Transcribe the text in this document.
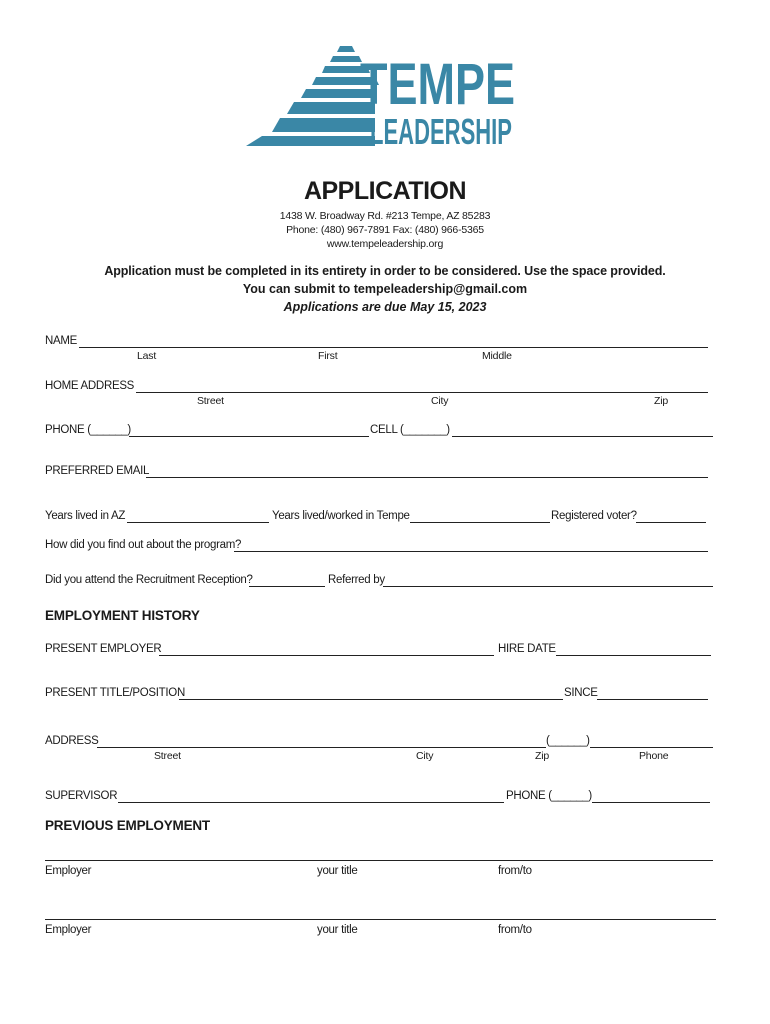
TEMPE
LEADERSHIP
APPLICATION
1438 W. Broadway Rd. #213 Tempe, AZ 85283
Phone: (480) 967-7891 Fax: (480) 966-5365
www.tempeleadership.org
Application must be completed in its entirety in order to be considered. Use the space provided.
You can submit to tempeleadership@gmail.com
Applications are due May 15, 2023
NAME
Last	First	Middle
HOME ADDRESS
Street	City	Zip
PHONE (______)	CELL (_______)
PREFERRED EMAIL
Years lived in AZ	Years lived/worked in Tempe	Registered voter?
How did you find out about the program?
Did you attend the Recruitment Reception?	Referred by
EMPLOYMENT HISTORY
PRESENT EMPLOYER	HIRE DATE
PRESENT TITLE/POSITION	SINCE
ADDRESS	(______)
Street	City	Zip	Phone
SUPERVISOR	PHONE (______)
PREVIOUS EMPLOYMENT
Employer	your title	from/to
Employer	your title	from/to
